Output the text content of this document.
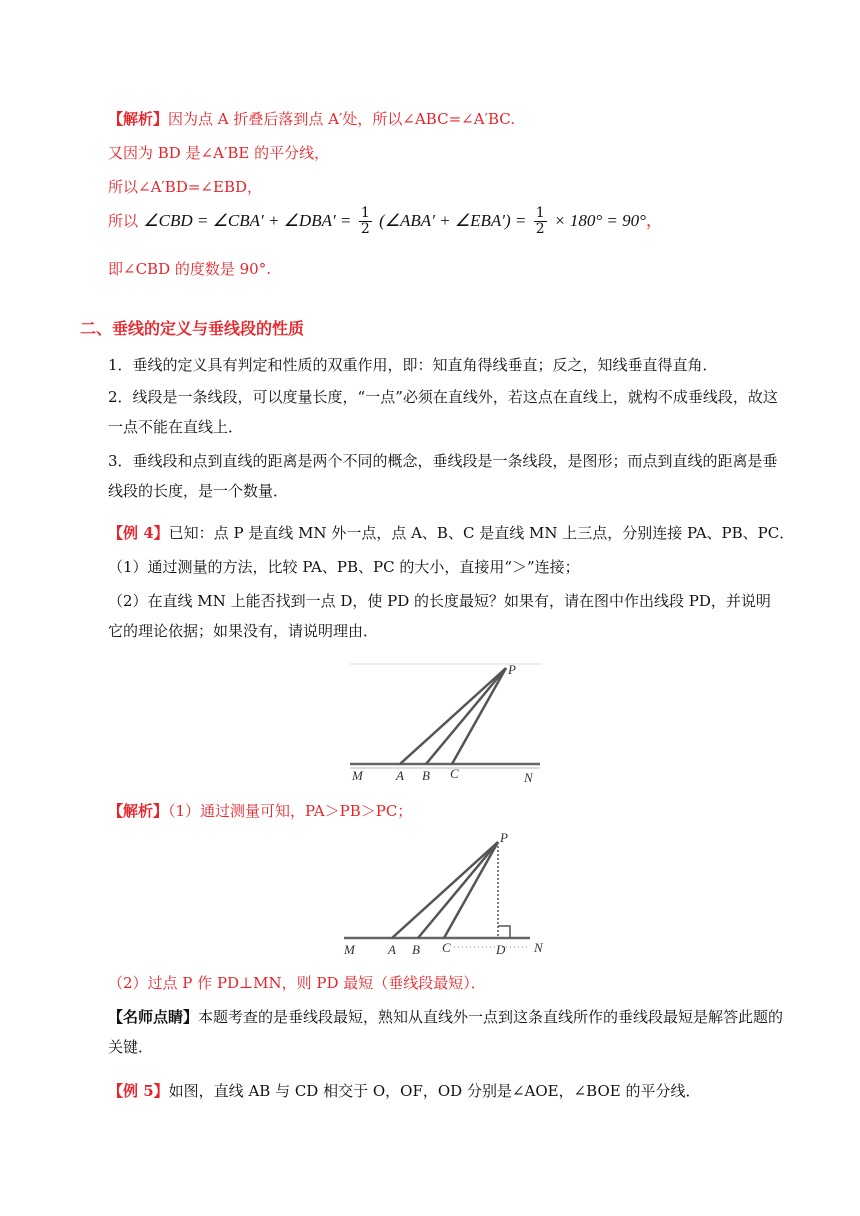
【解析】因为点 A 折叠后落到点 A′处，所以∠ABC=∠A′BC.
又因为 BD 是∠A′BE 的平分线，
所以∠A′BD=∠EBD，
所以 ∠CBD = ∠CBA′ + ∠DBA′ = $\frac{1}{2}$ (∠ABA′ + ∠EBA′) = $\frac{1}{2} \times 180^\circ = 90^\circ$，
即∠CBD 的度数是 90°.
二、垂线的定义与垂线段的性质
1．垂线的定义具有判定和性质的双重作用，即：知直角得线垂直；反之，知线垂直得直角．
2．线段是一条线段，可以度量长度，“一点”必须在直线外，若这点在直线上，就构不成垂线段，故这一点不能在直线上．
3．垂线段和点到直线的距离是两个不同的概念，垂线段是一条线段，是图形；而点到直线的距离是垂线段的长度，是一个数量．
【例 4】已知：点 P 是直线 MN 外一点，点 A、B、C 是直线 MN 上三点，分别连接 PA、PB、PC．
（1）通过测量的方法，比较 PA、PB、PC 的大小，直接用“＞”连接；
（2）在直线 MN 上能否找到一点 D，使 PD 的长度最短？如果有，请在图中作出线段 PD，并说明它的理论依据；如果没有，请说明理由．
P
M	A B C	N
【解析】（1）通过测量可知，PA＞PB＞PC；
P
M	A B C	D N
（2）过点 P 作 PD⊥MN，则 PD 最短（垂线段最短）．
【名师点睛】本题考查的是垂线段最短，熟知从直线外一点到这条直线所作的垂线段最短是解答此题的关键．
【例 5】如图，直线 AB 与 CD 相交于 O，OF，OD 分别是∠AOE，∠BOE 的平分线．
